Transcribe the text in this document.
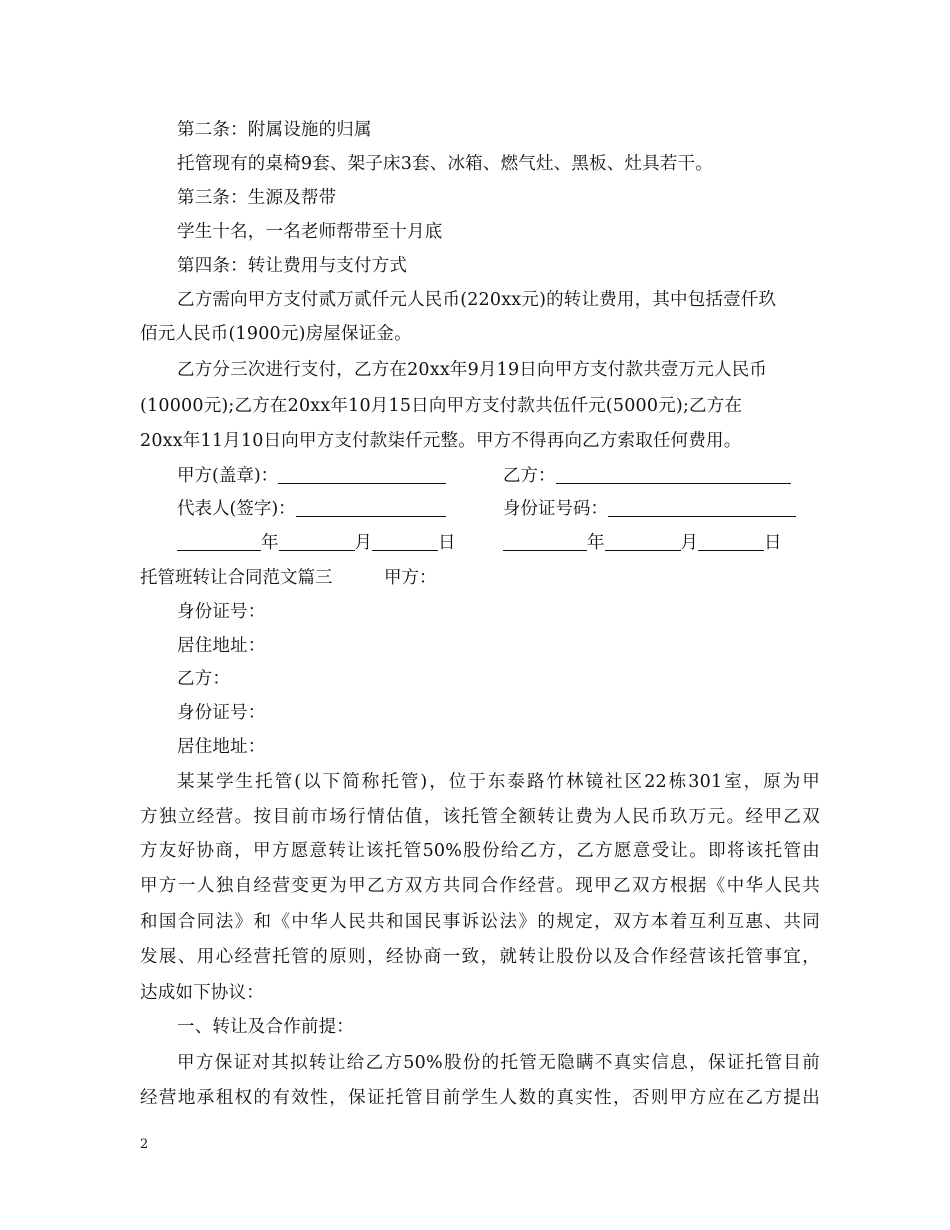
第二条：附属设施的归属
托管现有的桌椅9套、架子床3套、冰箱、燃气灶、黑板、灶具若干。
第三条：生源及帮带
学生十名，一名老师帮带至十月底
第四条：转让费用与支付方式
乙方需向甲方支付贰万贰仟元人民币(220xx元)的转让费用，其中包括壹仟玖
佰元人民币(1900元)房屋保证金。
乙方分三次进行支付，乙方在20xx年9月19日向甲方支付款共壹万元人民币
(10000元);乙方在20xx年10月15日向甲方支付款共伍仟元(5000元);乙方在
20xx年11月10日向甲方支付款柒仟元整。甲方不得再向乙方索取任何费用。
甲方(盖章)：	乙方：
代表人(签字)：	身份证号码：
年	月	日	年	月	日
托管班转让合同范文篇三	甲方：
身份证号：
居住地址：
乙方：
身份证号：
居住地址：
某某学生托管(以下简称托管)，位于东泰路竹林镜社区22栋301室，原为甲
方独立经营。按目前市场行情估值，该托管全额转让费为人民币玖万元。经甲乙双
方友好协商，甲方愿意转让该托管50%股份给乙方，乙方愿意受让。即将该托管由
甲方一人独自经营变更为甲乙方双方共同合作经营。现甲乙双方根据《中华人民共
和国合同法》和《中华人民共和国民事诉讼法》的规定，双方本着互利互惠、共同
发展、用心经营托管的原则，经协商一致，就转让股份以及合作经营该托管事宜，
达成如下协议：
一、转让及合作前提：
甲方保证对其拟转让给乙方50%股份的托管无隐瞒不真实信息，保证托管目前
经营地承租权的有效性，保证托管目前学生人数的真实性，否则甲方应在乙方提出
2
